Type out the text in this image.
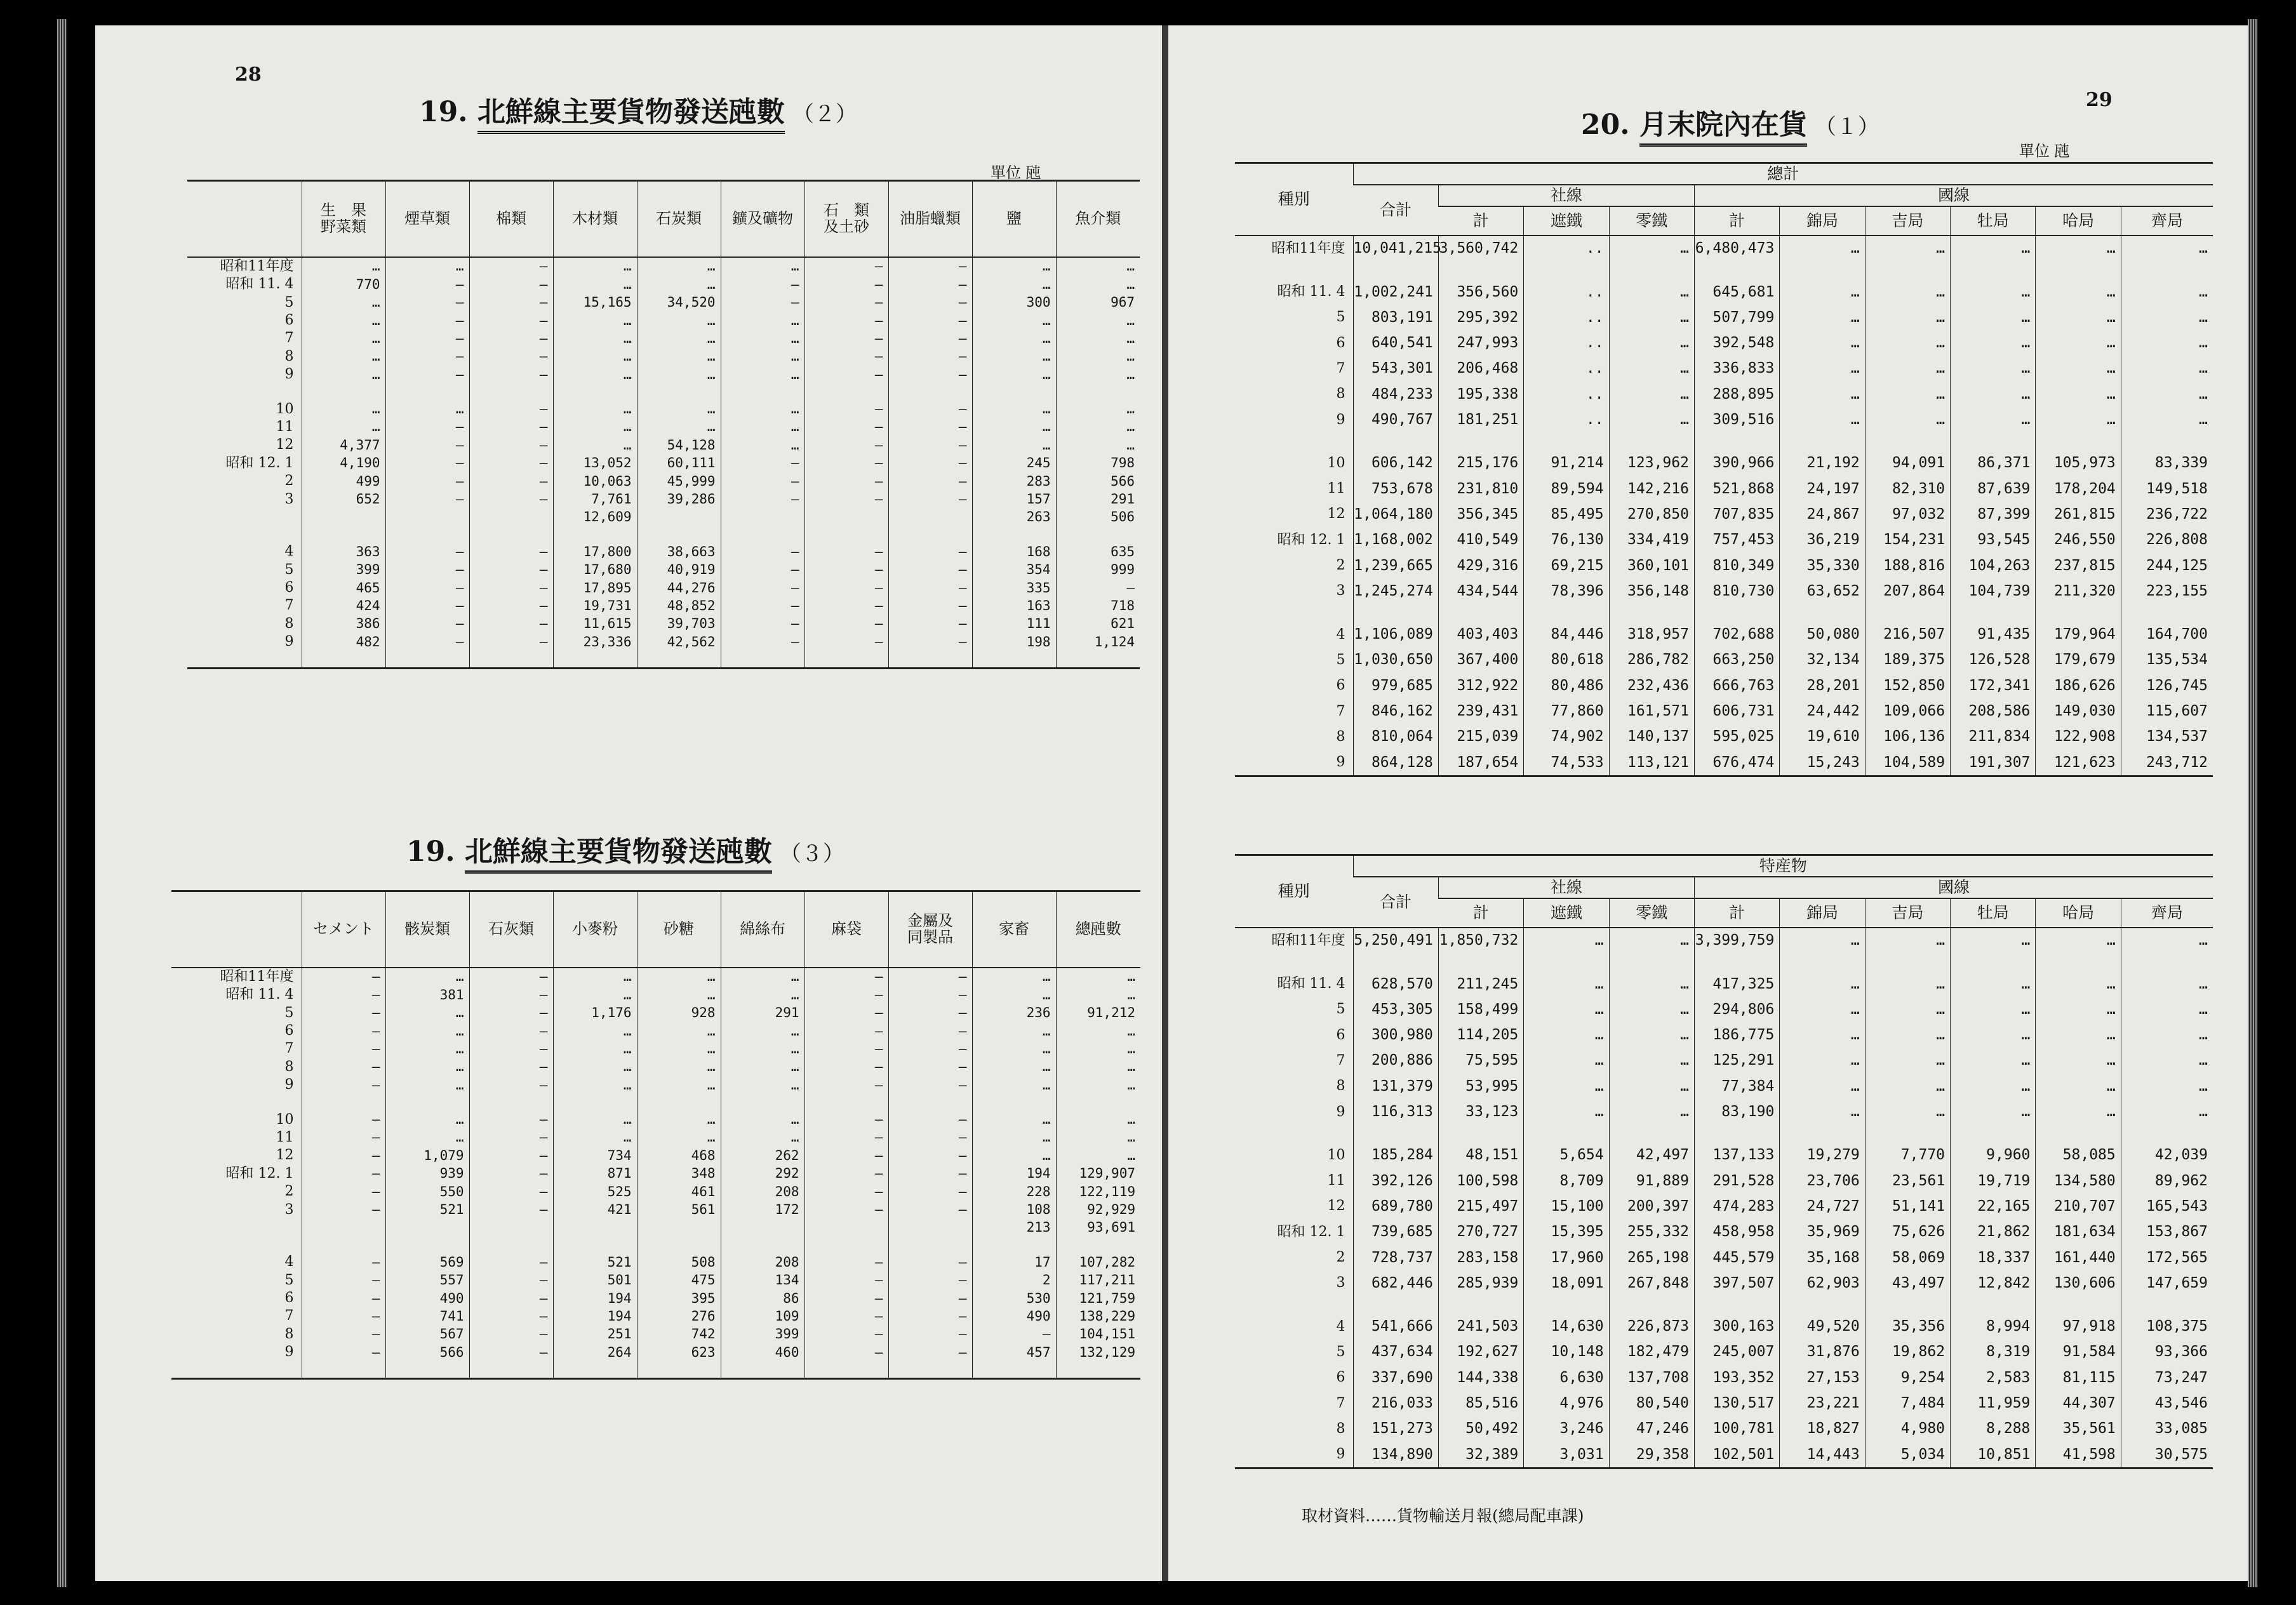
28
19. 北鮮線主要貨物發送瓲數 （２）
單位 瓲
	生　果
野菜類	煙草類	棉類	木材類	石炭類	鑛及礦物	石　類
及土砂	油脂蠟類	鹽	魚介類
昭和11年度	…	…	—	…	…	…	—	—	…	…
昭和 11. 4	770	—	—	…	…	—	—	—	…	…
5	…	—	—	15,165	34,520	—	—	—	300	967
6	…	—	—	…	…	…	—	—	…	…
7	…	—	—	…	…	…	—	—	…	…
8	…	—	—	…	…	…	—	—	…	…
9	…	—	—	…	…	…	—	—	…	…

10	…	…	—	…	…	…	—	—	…	…
11	…	—	—	…	…	…	—	—	…	…
12	4,377	—	—	…	54,128	…	—	—	…	…
昭和 12. 1	4,190	—	—	13,052	60,111	—	—	—	245	798
2	499	—	—	10,063	45,999	—	—	—	283	566
3	652	—	—	7,761	39,286	—	—	—	157	291
				12,609					263	506

4	363	—	—	17,800	38,663	—	—	—	168	635
5	399	—	—	17,680	40,919	—	—	—	354	999
6	465	—	—	17,895	44,276	—	—	—	335	—
7	424	—	—	19,731	48,852	—	—	—	163	718
8	386	—	—	11,615	39,703	—	—	—	111	621
9	482	—	—	23,336	42,562	—	—	—	198	1,124

19. 北鮮線主要貨物發送瓲數 （３）
	セメント	骸炭類	石灰類	小麥粉	砂糖	綿絲布	麻袋	金屬及
同製品	家畜	總瓲數
昭和11年度	—	…	—	…	…	…	—	—	…	…
昭和 11. 4	—	381	—	…	…	…	—	—	…	…
5	—	…	—	1,176	928	291	—	—	236	91,212
6	—	…	—	…	…	…	—	—	…	…
7	—	…	—	…	…	…	—	—	…	…
8	—	…	—	…	…	…	—	—	…	…
9	—	…	—	…	…	…	—	—	…	…

10	—	…	—	…	…	…	—	—	…	…
11	—	…	—	…	…	…	—	—	…	…
12	—	1,079	—	734	468	262	—	—	…	…
昭和 12. 1	—	939	—	871	348	292	—	—	194	129,907
2	—	550	—	525	461	208	—	—	228	122,119
3	—	521	—	421	561	172	—	—	108	92,929
									213	93,691

4	—	569	—	521	508	208	—	—	17	107,282
5	—	557	—	501	475	134	—	—	2	117,211
6	—	490	—	194	395	86	—	—	530	121,759
7	—	741	—	194	276	109	—	—	490	138,229
8	—	567	—	251	742	399	—	—	—	104,151
9	—	566	—	264	623	460	—	—	457	132,129

29
20. 月末院內在貨 （１）
單位 瓲
種別	總計									
	合計	社線			國線					
		計	遮鐵	零鐵	計	錦局	吉局	牡局	哈局	齊局
昭和11年度	10,041,215	3,560,742	..	…	6,480,473	…	…	…	…	…

昭和 11. 4	1,002,241	356,560	..	…	645,681	…	…	…	…	…
5	803,191	295,392	..	…	507,799	…	…	…	…	…
6	640,541	247,993	..	…	392,548	…	…	…	…	…
7	543,301	206,468	..	…	336,833	…	…	…	…	…
8	484,233	195,338	..	…	288,895	…	…	…	…	…
9	490,767	181,251	..	…	309,516	…	…	…	…	…

10	606,142	215,176	91,214	123,962	390,966	21,192	94,091	86,371	105,973	83,339
11	753,678	231,810	89,594	142,216	521,868	24,197	82,310	87,639	178,204	149,518
12	1,064,180	356,345	85,495	270,850	707,835	24,867	97,032	87,399	261,815	236,722
昭和 12. 1	1,168,002	410,549	76,130	334,419	757,453	36,219	154,231	93,545	246,550	226,808
2	1,239,665	429,316	69,215	360,101	810,349	35,330	188,816	104,263	237,815	244,125
3	1,245,274	434,544	78,396	356,148	810,730	63,652	207,864	104,739	211,320	223,155

4	1,106,089	403,403	84,446	318,957	702,688	50,080	216,507	91,435	179,964	164,700
5	1,030,650	367,400	80,618	286,782	663,250	32,134	189,375	126,528	179,679	135,534
6	979,685	312,922	80,486	232,436	666,763	28,201	152,850	172,341	186,626	126,745
7	846,162	239,431	77,860	161,571	606,731	24,442	109,066	208,586	149,030	115,607
8	810,064	215,039	74,902	140,137	595,025	19,610	106,136	211,834	122,908	134,537
9	864,128	187,654	74,533	113,121	676,474	15,243	104,589	191,307	121,623	243,712
種別	特産物									
	合計	社線			國線					
		計	遮鐵	零鐵	計	錦局	吉局	牡局	哈局	齊局
昭和11年度	5,250,491	1,850,732	…	…	3,399,759	…	…	…	…	…

昭和 11. 4	628,570	211,245	…	…	417,325	…	…	…	…	…
5	453,305	158,499	…	…	294,806	…	…	…	…	…
6	300,980	114,205	…	…	186,775	…	…	…	…	…
7	200,886	75,595	…	…	125,291	…	…	…	…	…
8	131,379	53,995	…	…	77,384	…	…	…	…	…
9	116,313	33,123	…	…	83,190	…	…	…	…	…

10	185,284	48,151	5,654	42,497	137,133	19,279	7,770	9,960	58,085	42,039
11	392,126	100,598	8,709	91,889	291,528	23,706	23,561	19,719	134,580	89,962
12	689,780	215,497	15,100	200,397	474,283	24,727	51,141	22,165	210,707	165,543
昭和 12. 1	739,685	270,727	15,395	255,332	458,958	35,969	75,626	21,862	181,634	153,867
2	728,737	283,158	17,960	265,198	445,579	35,168	58,069	18,337	161,440	172,565
3	682,446	285,939	18,091	267,848	397,507	62,903	43,497	12,842	130,606	147,659

4	541,666	241,503	14,630	226,873	300,163	49,520	35,356	8,994	97,918	108,375
5	437,634	192,627	10,148	182,479	245,007	31,876	19,862	8,319	91,584	93,366
6	337,690	144,338	6,630	137,708	193,352	27,153	9,254	2,583	81,115	73,247
7	216,033	85,516	4,976	80,540	130,517	23,221	7,484	11,959	44,307	43,546
8	151,273	50,492	3,246	47,246	100,781	18,827	4,980	8,288	35,561	33,085
9	134,890	32,389	3,031	29,358	102,501	14,443	5,034	10,851	41,598	30,575
取材資料……貨物輸送月報(總局配車課)
